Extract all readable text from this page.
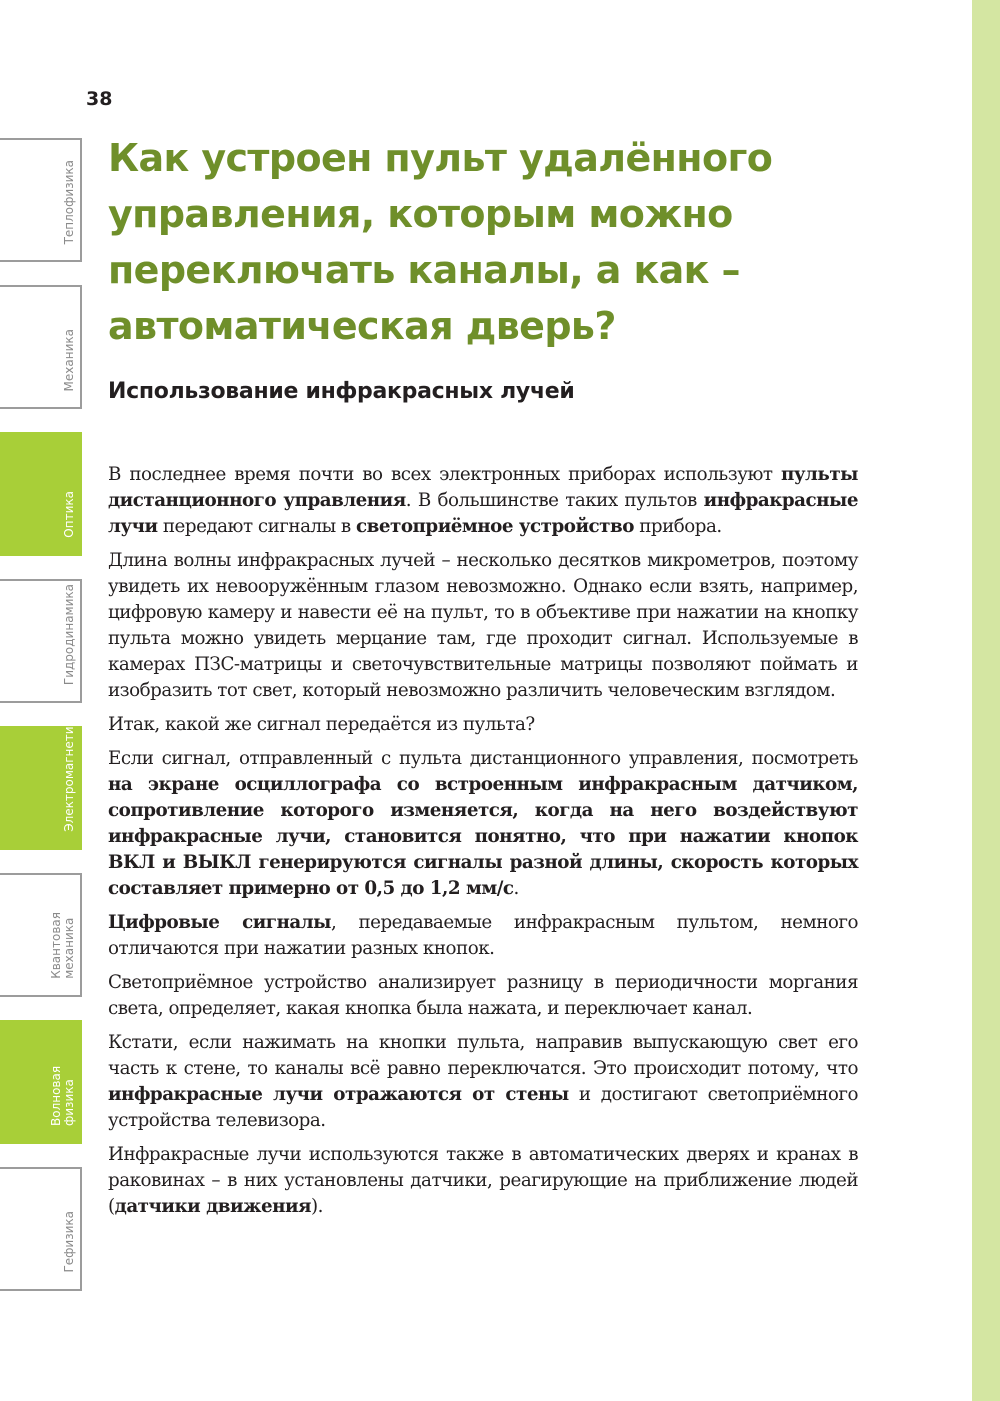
38
Теплофизика
Механика
Оптика
Гидродинамика
Электромагнетизм
Квантовая
механика
Волновая физика
Гефизика
Как устроен пульт удалённого управления, которым можно переключать каналы, а как – автоматическая дверь?
Использование инфракрасных лучей

В последнее время почти во всех электронных приборах используют пульты дистанционного управления. В большинстве таких пультов инфракрасные лучи передают сигналы в светоприёмное устройство прибора.

Длина волны инфракрасных лучей – несколько десятков микрометров, поэтому увидеть их невооружённым глазом невозможно. Однако если взять, например, цифровую камеру и навести её на пульт, то в объективе при нажатии на кнопку пульта можно увидеть мерцание там, где проходит сигнал. Используемые в камерах ПЗС-матрицы и светочувствительные матрицы позволяют поймать и изобразить тот свет, который невозможно различить человеческим взглядом.

Итак, какой же сигнал передаётся из пульта?

Если сигнал, отправленный с пульта дистанционного управления, посмотреть на экране осциллографа со встроенным инфракрасным датчиком, сопротивление которого изменяется, когда на него воздействуют инфракрасные лучи, становится понятно, что при нажатии кнопок ВКЛ и ВЫКЛ генерируются сигналы разной длины, скорость которых составляет примерно от 0,5 до 1,2 мм/с.

Цифровые сигналы, передаваемые инфракрасным пультом, немного отличаются при нажатии разных кнопок.

Светоприёмное устройство анализирует разницу в периодичности моргания света, определяет, какая кнопка была нажата, и переключает канал.

Кстати, если нажимать на кнопки пульта, направив выпускающую свет его часть к стене, то каналы всё равно переключатся. Это происходит потому, что инфракрасные лучи отражаются от стены и достигают светоприёмного устройства телевизора.

Инфракрасные лучи используются также в автоматических дверях и кранах в раковинах – в них установлены датчики, реагирующие на приближение людей (датчики движения).
